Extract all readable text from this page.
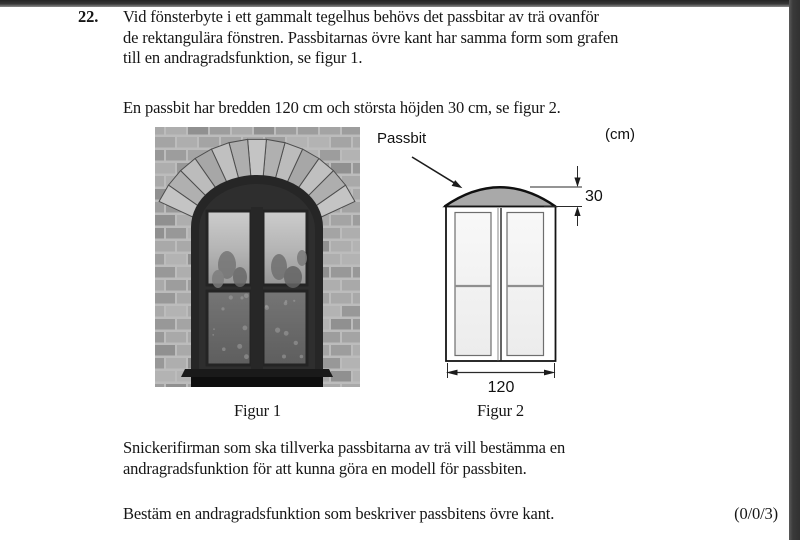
22. Vid fönsterbyte i ett gammalt tegelhus behövs det passbitar av trä ovanför
de rektangulära fönstren. Passbitarnas övre kant har samma form som grafen
till en andragradsfunktion, se figur 1.
En passbit har bredden 120 cm och största höjden 30 cm, se figur 2.
Passbit	(cm)
30
120
Figur 1	Figur 2
Snickerifirman som ska tillverka passbitarna av trä vill bestämma en
andragradsfunktion för att kunna göra en modell för passbiten.
Bestäm en andragradsfunktion som beskriver passbitens övre kant.	(0/0/3)
